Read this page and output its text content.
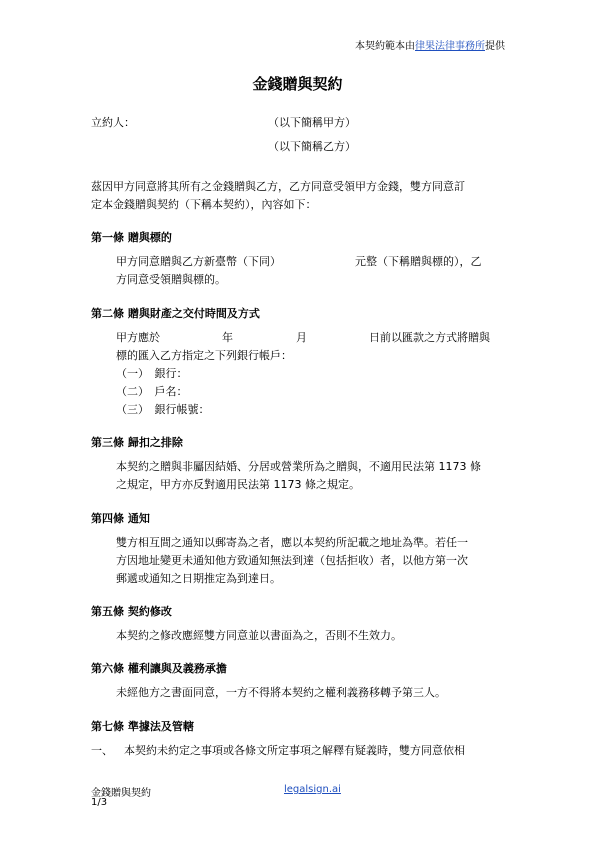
本契約範本由律果法律事務所提供
金錢贈與契約
立約人：	（以下簡稱甲方）
（以下簡稱乙方）
茲因甲方同意將其所有之金錢贈與乙方，乙方同意受領甲方金錢，雙方同意訂
定本金錢贈與契約（下稱本契約），內容如下：
第一條 贈與標的
甲方同意贈與乙方新臺幣（下同）	元整（下稱贈與標的），乙
方同意受領贈與標的。
第二條 贈與財產之交付時間及方式
甲方應於	年	月	日前以匯款之方式將贈與
標的匯入乙方指定之下列銀行帳戶：
（一）　銀行：
（二）　戶名：
（三）　銀行帳號：
第三條 歸扣之排除
本契約之贈與非屬因結婚、分居或營業所為之贈與，不適用民法第 1173 條
之規定，甲方亦反對適用民法第 1173 條之規定。
第四條 通知
雙方相互間之通知以郵寄為之者，應以本契約所記載之地址為準。若任一
方因地址變更未通知他方致通知無法到達（包括拒收）者，以他方第一次
郵遞或通知之日期推定為到達日。
第五條 契約修改
本契約之修改應經雙方同意並以書面為之，否則不生效力。
第六條 權利讓與及義務承擔
未經他方之書面同意，一方不得將本契約之權利義務移轉予第三人。
第七條 準據法及管轄
一、 本契約未約定之事項或各條文所定事項之解釋有疑義時，雙方同意依相
金錢贈與契約	legalsign.ai
1/3
